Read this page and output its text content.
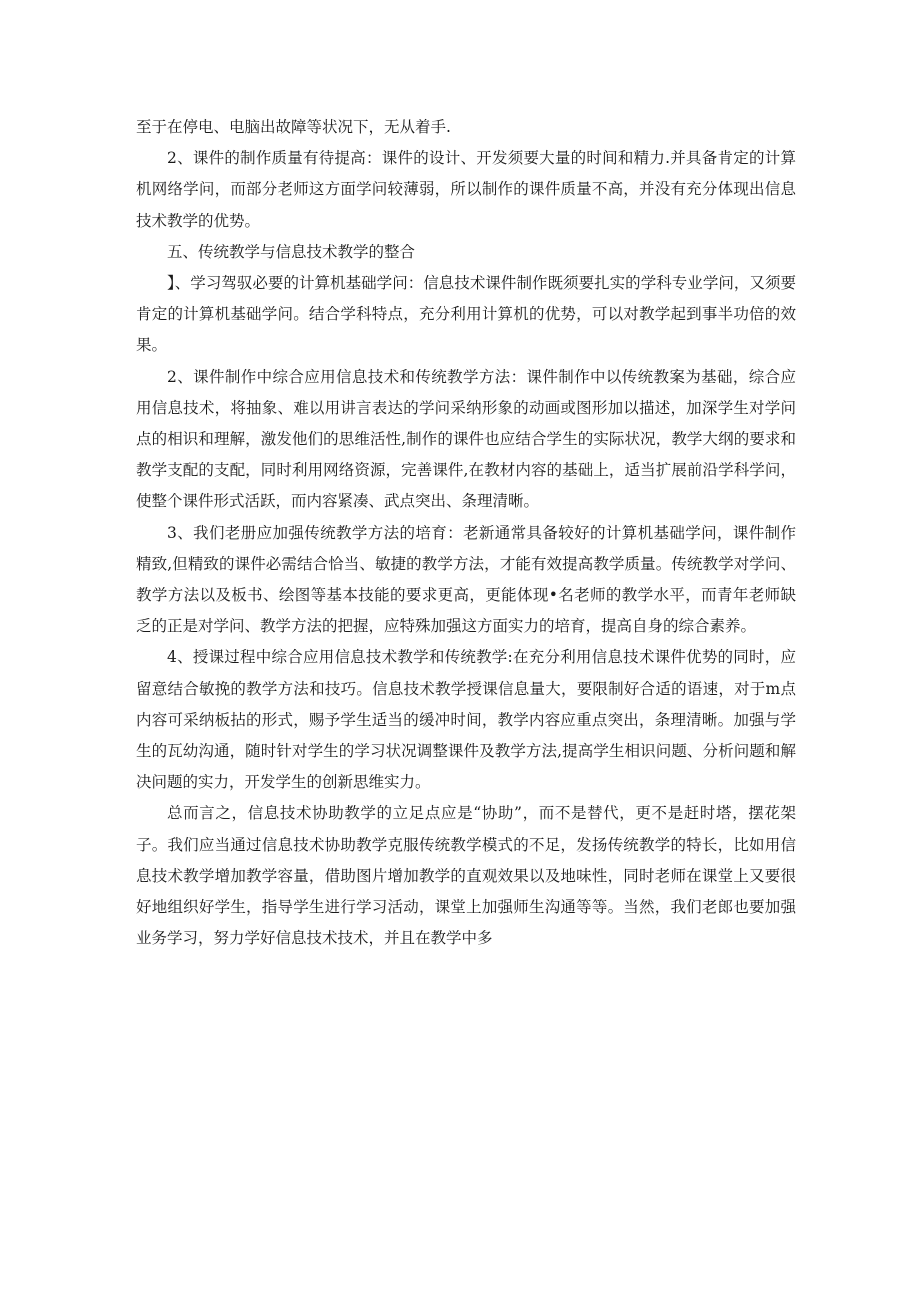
至于在停电、电脑出故障等状况下，无从着手.

2、课件的制作质量有待提高：课件的设计、开发须要大量的时间和精力.并具备肯定的计算机网络学问，而部分老师这方面学问较薄弱，所以制作的课件质量不高，并没有充分体现出信息技术教学的优势。

五、传统教学与信息技术教学的整合

】、学习驾驭必要的计算机基础学问：信息技术课件制作既须要扎实的学科专业学问，又须要肯定的计算机基础学问。结合学科特点，充分利用计算机的优势，可以对教学起到事半功倍的效果。

2、课件制作中综合应用信息技术和传统教学方法：课件制作中以传统教案为基础，综合应用信息技术，将抽象、难以用讲言表达的学问采纳形象的动画或图形加以描述，加深学生对学问点的相识和理解，激发他们的思维活性,制作的课件也应结合学生的实际状况，教学大纲的要求和教学支配的支配，同时利用网络资源，完善课件,在教材内容的基础上，适当扩展前沿学科学问，使整个课件形式活跃，而内容紧凑、武点突出、条理清晰。

3、我们老册应加强传统教学方法的培育：老新通常具备较好的计算机基础学问，课件制作精致,但精致的课件必需结合恰当、敏捷的教学方法，才能有效提高教学质量。传统教学对学问、教学方法以及板书、绘图等基本技能的要求更高，更能体现•名老师的教学水平，而青年老师缺乏的正是对学问、教学方法的把握，应特殊加强这方面实力的培育，提高自身的综合素养。

4、授课过程中综合应用信息技术教学和传统教学:在充分利用信息技术课件优势的同时，应留意结合敏挽的教学方法和技巧。信息技术教学授课信息量大，要限制好合适的语速，对于m点内容可采纳板拈的形式，赐予学生适当的缓冲时间，教学内容应重点突出，条理清晰。加强与学生的瓦幼沟通，随时针对学生的学习状况调整课件及教学方法,提高学生相识问题、分析问题和解决问题的实力，开发学生的创新思维实力。

总而言之，信息技术协助教学的立足点应是“协助”，而不是替代，更不是赶时塔，摆花架子。我们应当通过信息技术协助教学克服传统教学模式的不足，发扬传统教学的特长，比如用信息技术教学增加教学容量，借助图片增加教学的直观效果以及地味性，同时老师在课堂上又要很好地组织好学生，指导学生进行学习活动，课堂上加强师生沟通等等。当然，我们老郎也要加强业务学习，努力学好信息技术技术，并且在教学中多
